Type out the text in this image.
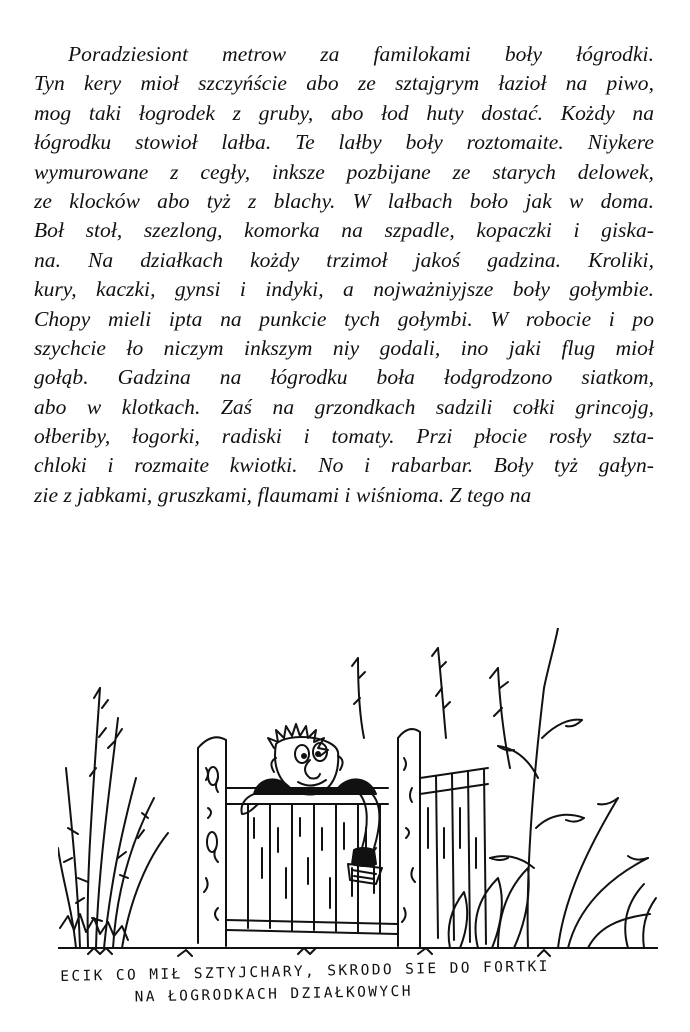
Poradziesiont metrow za familokami boły łógrodki.
Tyn kery mioł szczyńście abo ze sztajgrym łazioł na piwo,
mog taki łogrodek z gruby, abo łod huty dostać. Kożdy na
łógrodku stowioł lałba. Te lałby boły roztomaite. Niykere
wymurowane z cegły, inksze pozbijane ze starych delowek,
ze klocków abo tyż z blachy. W lałbach boło jak w doma.
Boł stoł, szezlong, komorka na szpadle, kopaczki i giska-
na. Na działkach kożdy trzimoł jakoś gadzina. Kroliki,
kury, kaczki, gynsi i indyki, a nojważniyjsze boły gołymbie.
Chopy mieli ipta na punkcie tych gołymbi. W robocie i po
szychcie ło niczym inkszym niy godali, ino jaki flug mioł
gołąb. Gadzina na łógrodku boła łodgrodzono siatkom,
abo w klotkach. Zaś na grzondkach sadzili cołki grincojg,
ołberiby, łogorki, radiski i tomaty. Przi płocie rosły szta-
chloki i rozmaite kwiotki. No i rabarbar. Boły tyż gałyn-
zie z jabkami, gruszkami, flaumami i wiśnioma. Z tego na
ECIK CO MIŁ SZTYJCHARY, SKRODO SIE DO FORTKI
NA ŁOGRODKACH DZIAŁKOWYCH
